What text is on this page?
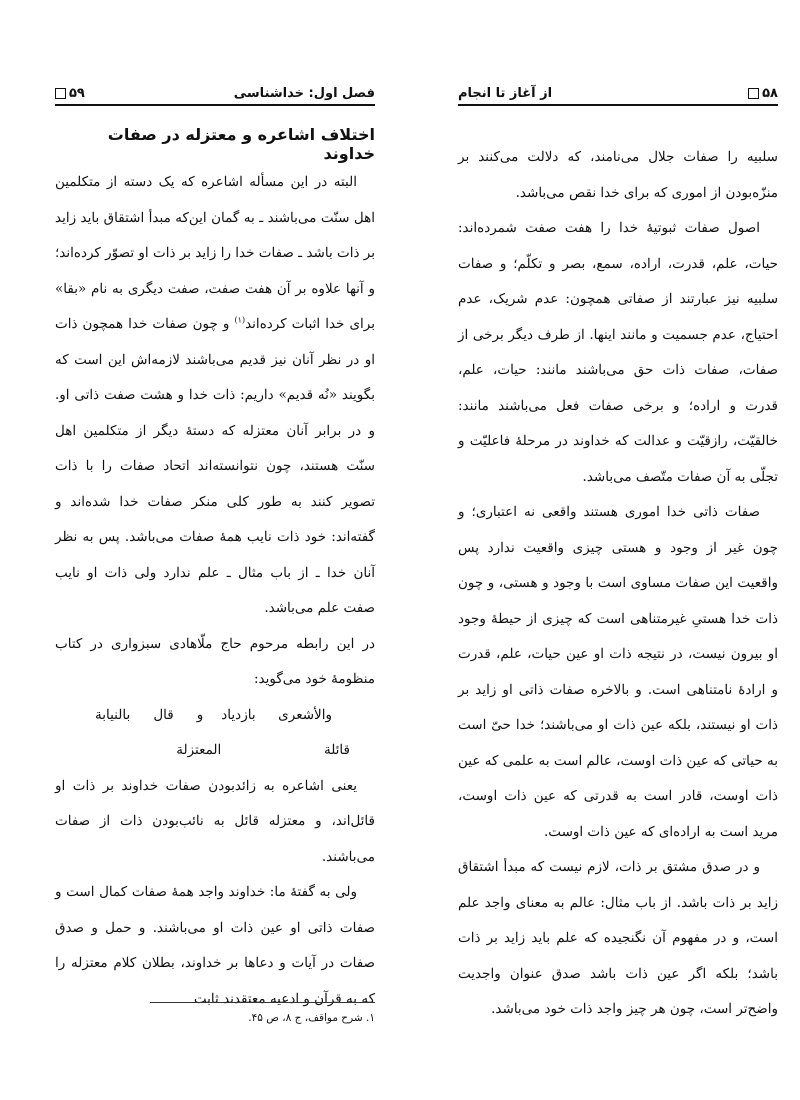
فصل اول: خداشناسی
۵۹
اختلاف اشاعره و معتزله در صفات خداوند

البته در این مسأله اشاعره که یک دسته از متکلمین اهل سنّت می‌باشند ـ به گمان این‌که مبدأ اشتقاق باید زاید بر ذات باشد ـ صفات خدا را زاید بر ذات او تصوّر کرده‌اند؛ و آنها علاوه بر آن هفت صفت، صفت دیگری به نام «بقا» برای خدا اثبات کرده‌اند$^{(۱)}$ و چون صفات خدا همچون ذات او در نظر آنان نیز قدیم می‌باشند لازمه‌اش این است که بگویند «نُه قدیم» داریم: ذات خدا و هشت صفت ذاتی او. و در برابر آنان معتزله که دستهٔ دیگر از متکلمین اهل سنّت هستند، چون نتوانسته‌اند اتحاد صفات را با ذات تصویر کنند به طور کلی منکر صفات خدا شده‌اند و گفته‌اند: خود ذات نایب همهٔ صفات می‌باشد. پس به نظر آنان خدا ـ از باب مثال ـ علم ندارد ولی ذات او نایب صفت علم می‌باشد.

در این رابطه مرحوم حاج ملّاهادی سبزواری در کتاب منظومهٔ خود می‌گوید:

والأشعری بازدیاد قائلة
و قال بالنیابة المعتزلة

یعنی اشاعره به زائدبودن صفات خداوند بر ذات او قائل‌اند، و معتزله قائل به نائب‌بودن ذات از صفات می‌باشند.

ولی به گفتهٔ ما: خداوند واجد همهٔ صفات کمال است و صفات ذاتی او عین ذات او می‌باشند. و حمل و صدق صفات در آیات و دعاها بر خداوند، بطلان کلام معتزله را که به قرآن و ادعیه معتقدند ثابت

۱. شرح مواقف، ج ۸، ص ۴۵.
۵۸
از آغاز تا انجام

سلبیه را صفات جلال می‌نامند، که دلالت می‌کنند بر منزّه‌بودن از اموری که برای خدا نقص می‌باشد.

اصول صفات ثبوتیهٔ خدا را هفت صفت شمرده‌اند: حیات، علم، قدرت، اراده، سمع، بصر و تکلّم؛ و صفات سلبیه نیز عبارتند از صفاتی همچون: عدم شریک، عدم احتیاج، عدم جسمیت و مانند اینها. از طرف دیگر برخی از صفات، صفات ذات حق می‌باشند مانند: حیات، علم، قدرت و اراده؛ و برخی صفات فعل می‌باشند مانند: خالقیّت، رازقیّت و عدالت که خداوند در مرحلهٔ فاعلیّت و تجلّی به آن صفات متّصف می‌باشد.

صفات ذاتی خدا اموری هستند واقعی نه اعتباری؛ و چون غیر از وجود و هستی چیزی واقعیت ندارد پس واقعیت این صفات مساوی است با وجود و هستی، و چون ذات خدا هستیِ غیرمتناهی است که چیزی از حیطهٔ وجود او بیرون نیست، در نتیجه ذات او عین حیات، علم، قدرت و ارادهٔ نامتناهی است. و بالاخره صفات ذاتی او زاید بر ذات او نیستند، بلکه عین ذات او می‌باشند؛ خدا حیّ است به حیاتی که عین ذات اوست، عالم است به علمی که عین ذات اوست، قادر است به قدرتی که عین ذات اوست، مرید است به اراده‌ای که عین ذات اوست.

و در صدق مشتق بر ذات، لازم نیست که مبدأ اشتقاق زاید بر ذات باشد. از باب مثال: عالم به معنای واجد علم است، و در مفهوم آن نگنجیده که علم باید زاید بر ذات باشد؛ بلکه اگر عین ذات باشد صدق عنوان واجدیت واضح‌تر است، چون هر چیز واجد ذات خود می‌باشد.
